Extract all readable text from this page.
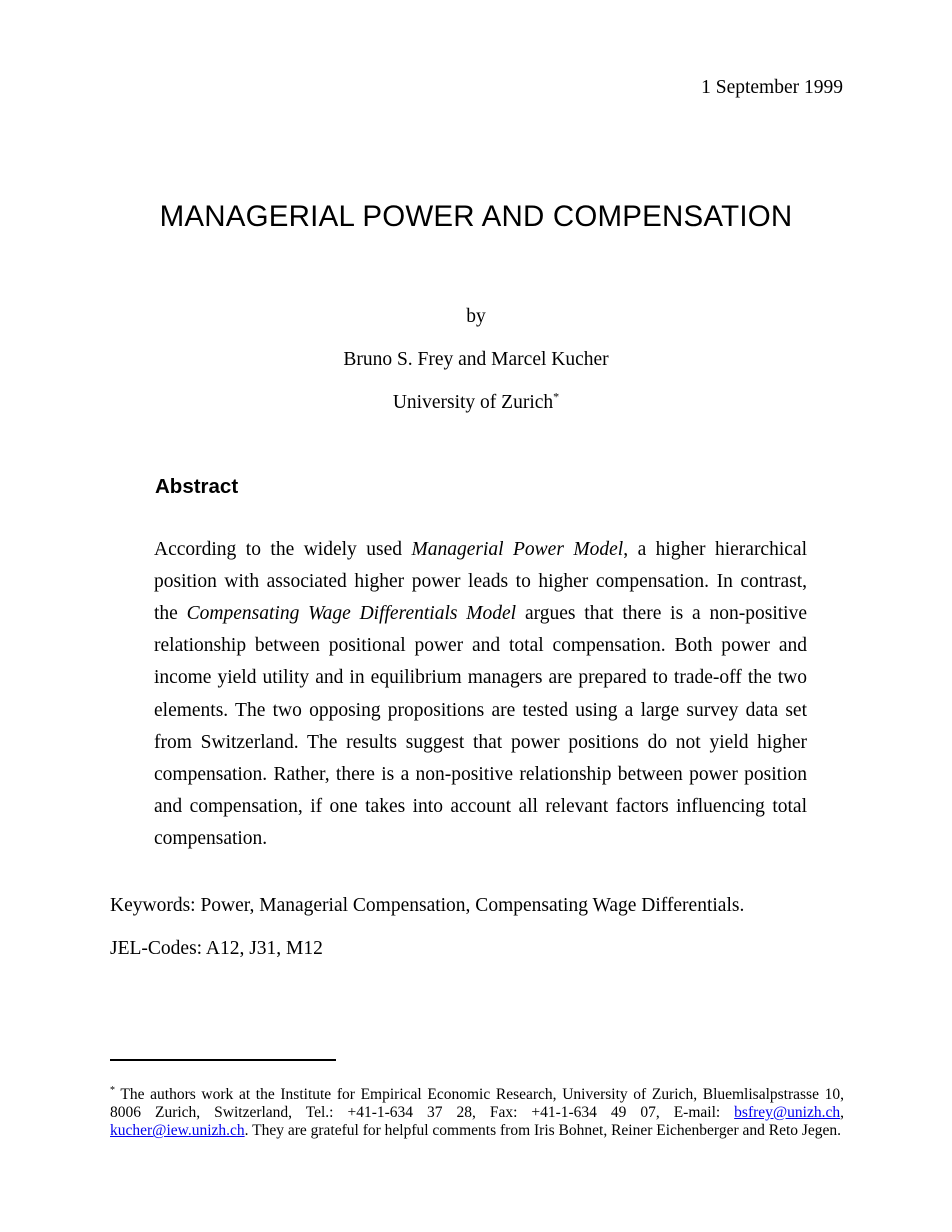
1 September 1999
MANAGERIAL POWER AND COMPENSATION
by
Bruno S. Frey and Marcel Kucher
University of Zurich*
Abstract

According to the widely used Managerial Power Model, a higher hierarchical position with associated higher power leads to higher compensation. In contrast, the Compensating Wage Differentials Model argues that there is a non-positive relationship between positional power and total compensation. Both power and income yield utility and in equilibrium managers are prepared to trade-off the two elements. The two opposing propositions are tested using a large survey data set from Switzerland. The results suggest that power positions do not yield higher compensation. Rather, there is a non-positive relationship between power position and compensation, if one takes into account all relevant factors influencing total compensation.

Keywords: Power, Managerial Compensation, Compensating Wage Differentials.
JEL-Codes: A12, J31, M12

* The authors work at the Institute for Empirical Economic Research, University of Zurich, Bluemlisalpstrasse 10, 8006 Zurich, Switzerland, Tel.: +41-1-634 37 28, Fax: +41-1-634 49 07, E-mail: bsfrey@unizh.ch, kucher@iew.unizh.ch. They are grateful for helpful comments from Iris Bohnet, Reiner Eichenberger and Reto Jegen.
